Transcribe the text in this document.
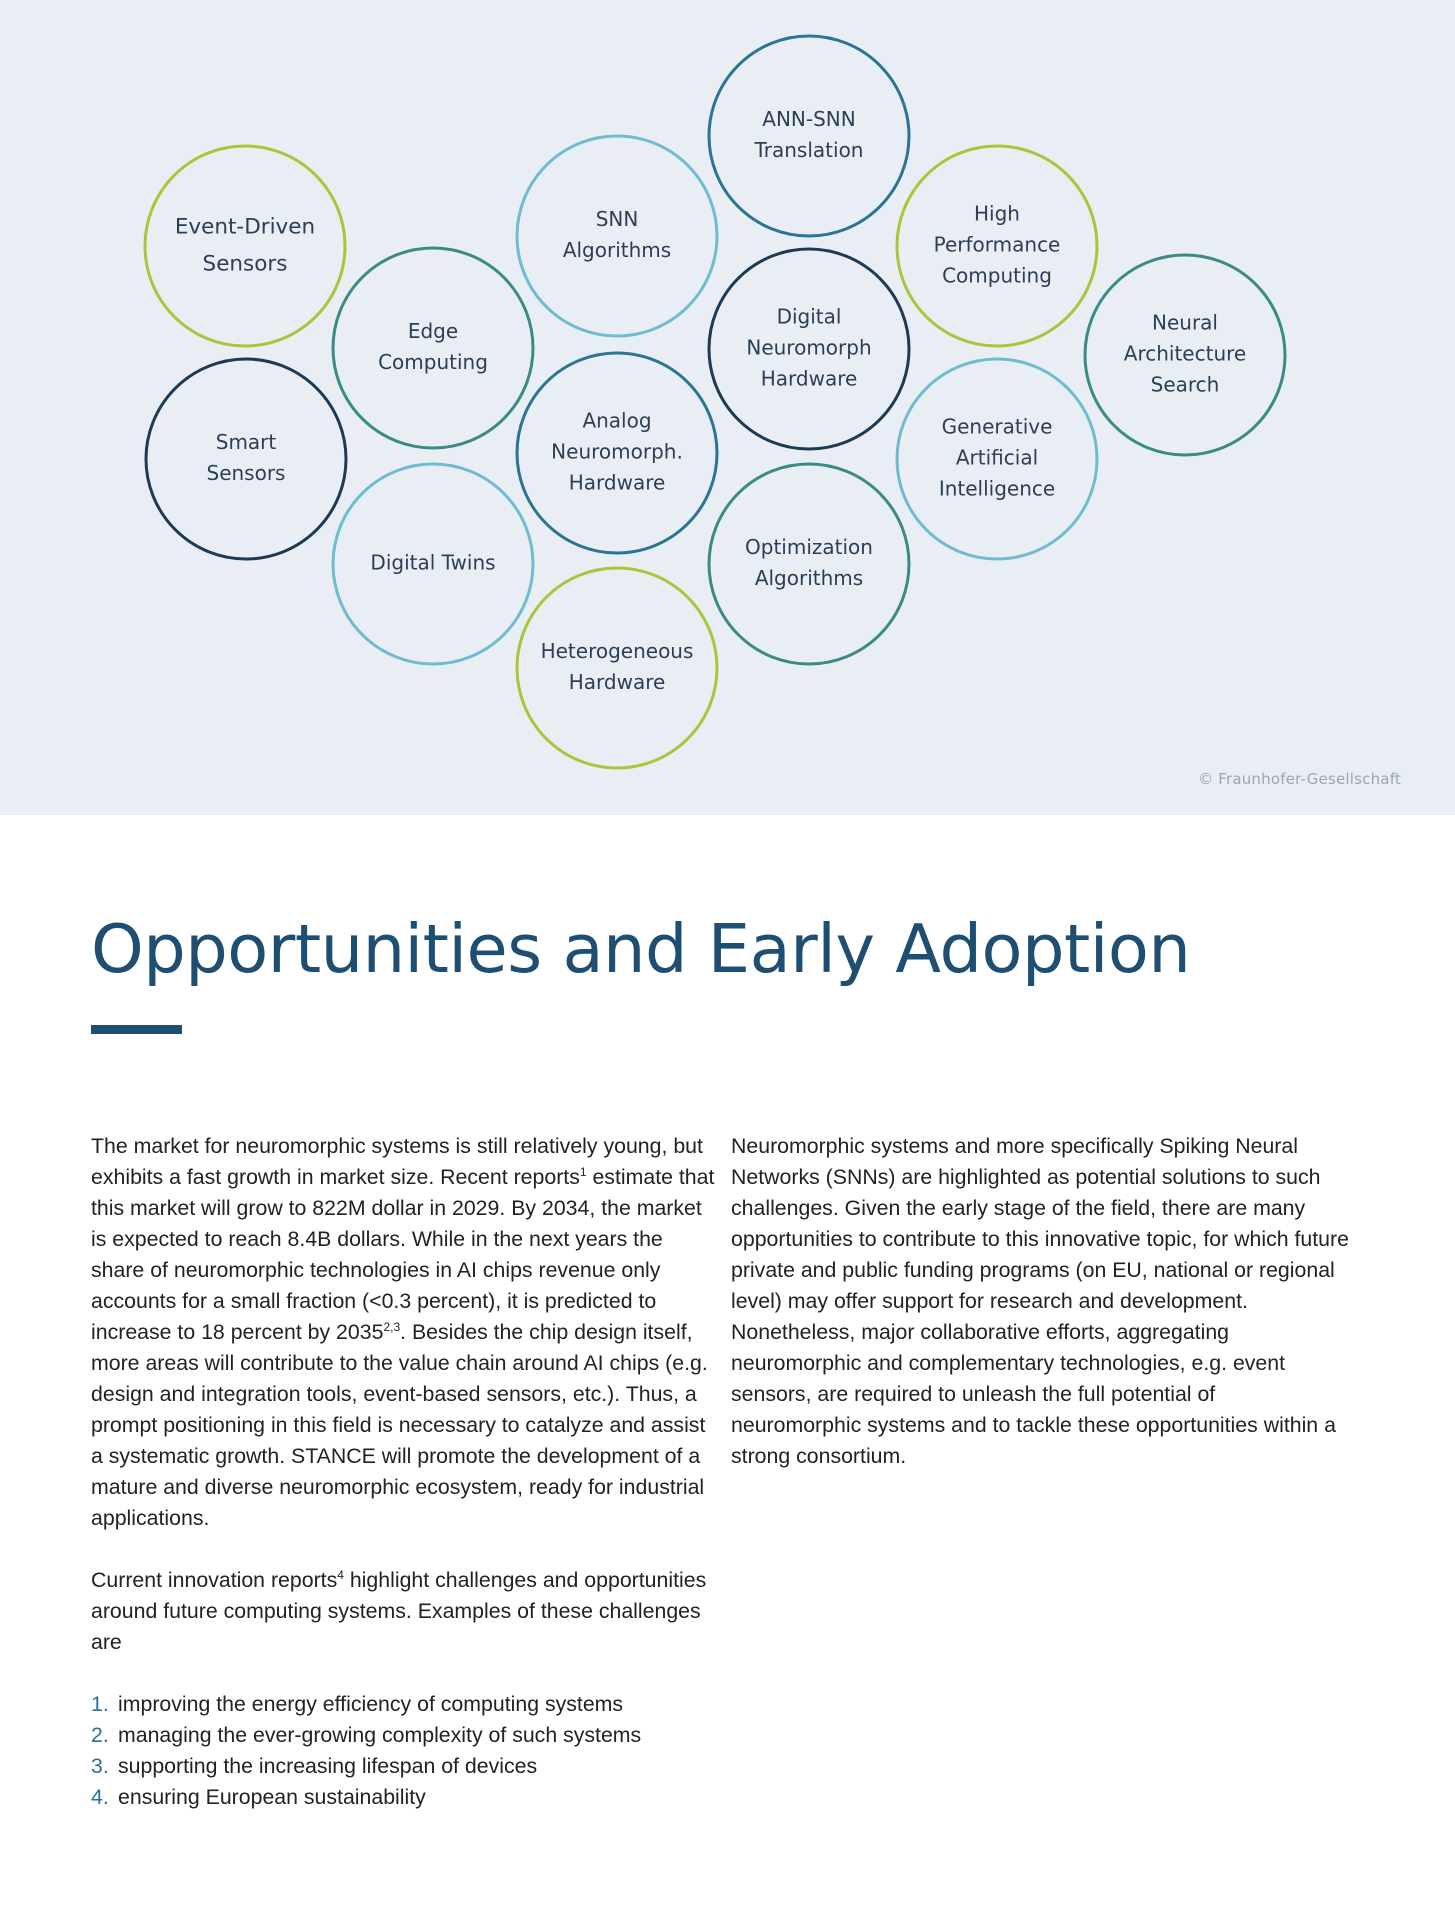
Event-Driven
Sensors
Smart
Sensors
Edge
Computing
Digital Twins
SNN
Algorithms
Analog
Neuromorph.
Hardware
Heterogeneous
Hardware
ANN-SNN
Translation
Digital
Neuromorph
Hardware
Optimization
Algorithms
High
Performance
Computing
Generative
Artificial
Intelligence
Neural
Architecture
Search
© Fraunhofer-Gesellschaft
Opportunities and Early Adoption

The market for neuromorphic systems is still relatively young, but exhibits a fast growth in market size. Recent reports$^1$ estimate that this market will grow to 822M dollar in 2029. By 2034, the market is expected to reach 8.4B dollars. While in the next years the share of neuromorphic technologies in AI chips revenue only accounts for a small fraction (<0.3 percent), it is predicted to increase to 18 percent by 2035$^{2,3}$. Besides the chip design itself, more areas will contribute to the value chain around AI chips (e.g. design and integration tools, event-based sensors, etc.). Thus, a prompt positioning in this field is necessary to catalyze and assist a systematic growth. STANCE will promote the development of a mature and diverse neuromorphic ecosystem, ready for industrial applications.

Current innovation reports$^4$ highlight challenges and opportunities around future computing systems. Examples of these challenges are

1. improving the energy efficiency of computing systems
2. managing the ever-growing complexity of such systems
3. supporting the increasing lifespan of devices
4. ensuring European sustainability

Neuromorphic systems and more specifically Spiking Neural Networks (SNNs) are highlighted as potential solutions to such challenges. Given the early stage of the field, there are many opportunities to contribute to this innovative topic, for which future private and public funding programs (on EU, national or regional level) may offer support for research and development. Nonetheless, major collaborative efforts, aggregating neuromorphic and complementary technologies, e.g. event sensors, are required to unleash the full potential of neuromorphic systems and to tackle these opportunities within a strong consortium.
